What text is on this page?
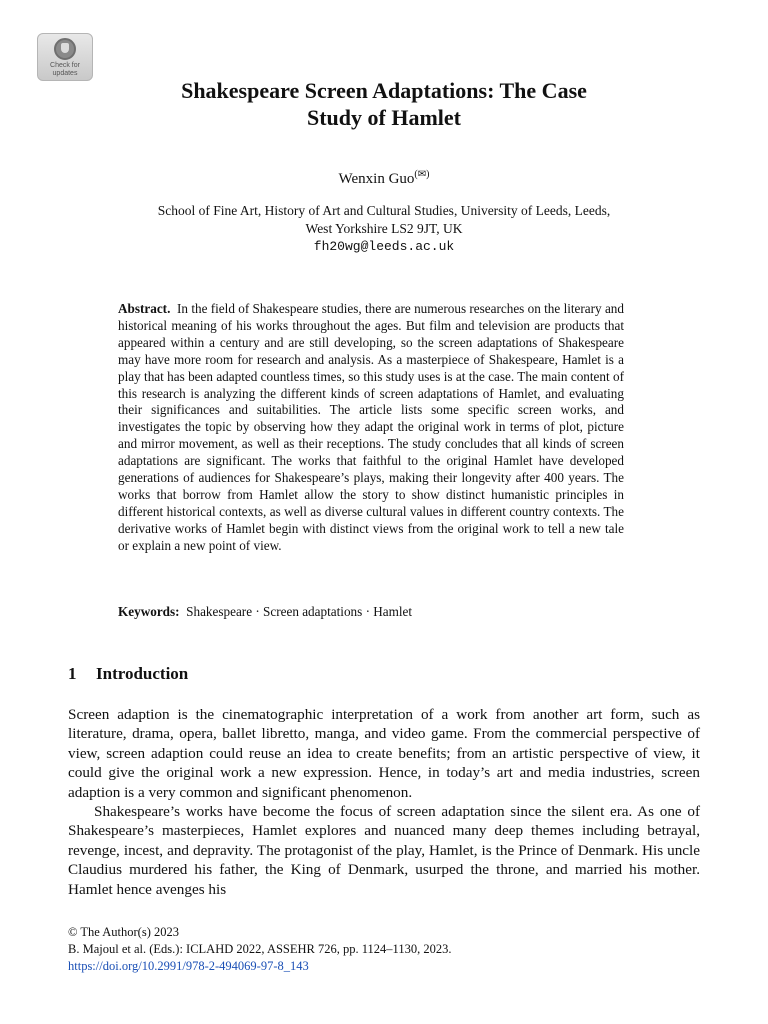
Check for
updates
Shakespeare Screen Adaptations: The Case
Study of Hamlet
Wenxin Guo(✉)
School of Fine Art, History of Art and Cultural Studies, University of Leeds, Leeds,
West Yorkshire LS2 9JT, UK
fh20wg@leeds.ac.uk

Abstract. In the field of Shakespeare studies, there are numerous researches on the literary and historical meaning of his works throughout the ages. But film and television are products that appeared within a century and are still developing, so the screen adaptations of Shakespeare may have more room for research and analysis. As a masterpiece of Shakespeare, Hamlet is a play that has been adapted countless times, so this study uses is at the case. The main content of this research is analyzing the different kinds of screen adaptations of Hamlet, and evaluating their significances and suitabilities. The article lists some specific screen works, and investigates the topic by observing how they adapt the original work in terms of plot, picture and mirror movement, as well as their receptions. The study concludes that all kinds of screen adaptations are significant. The works that faithful to the original Hamlet have developed generations of audiences for Shakespeare’s plays, making their longevity after 400 years. The works that borrow from Hamlet allow the story to show distinct humanistic principles in different historical contexts, as well as diverse cultural values in different country contexts. The derivative works of Hamlet begin with distinct views from the original work to tell a new tale or explain a new point of view.

Keywords: Shakespeare · Screen adaptations · Hamlet
1 Introduction

Screen adaption is the cinematographic interpretation of a work from another art form, such as literature, drama, opera, ballet libretto, manga, and video game. From the commercial perspective of view, screen adaption could reuse an idea to create benefits; from an artistic perspective of view, it could give the original work a new expression. Hence, in today’s art and media industries, screen adaption is a very common and significant phenomenon.

Shakespeare’s works have become the focus of screen adaptation since the silent era. As one of Shakespeare’s masterpieces, Hamlet explores and nuanced many deep themes including betrayal, revenge, incest, and depravity. The protagonist of the play, Hamlet, is the Prince of Denmark. His uncle Claudius murdered his father, the King of Denmark, usurped the throne, and married his mother. Hamlet hence avenges his

© The Author(s) 2023
B. Majoul et al. (Eds.): ICLAHD 2022, ASSEHR 726, pp. 1124–1130, 2023.
https://doi.org/10.2991/978-2-494069-97-8_143
